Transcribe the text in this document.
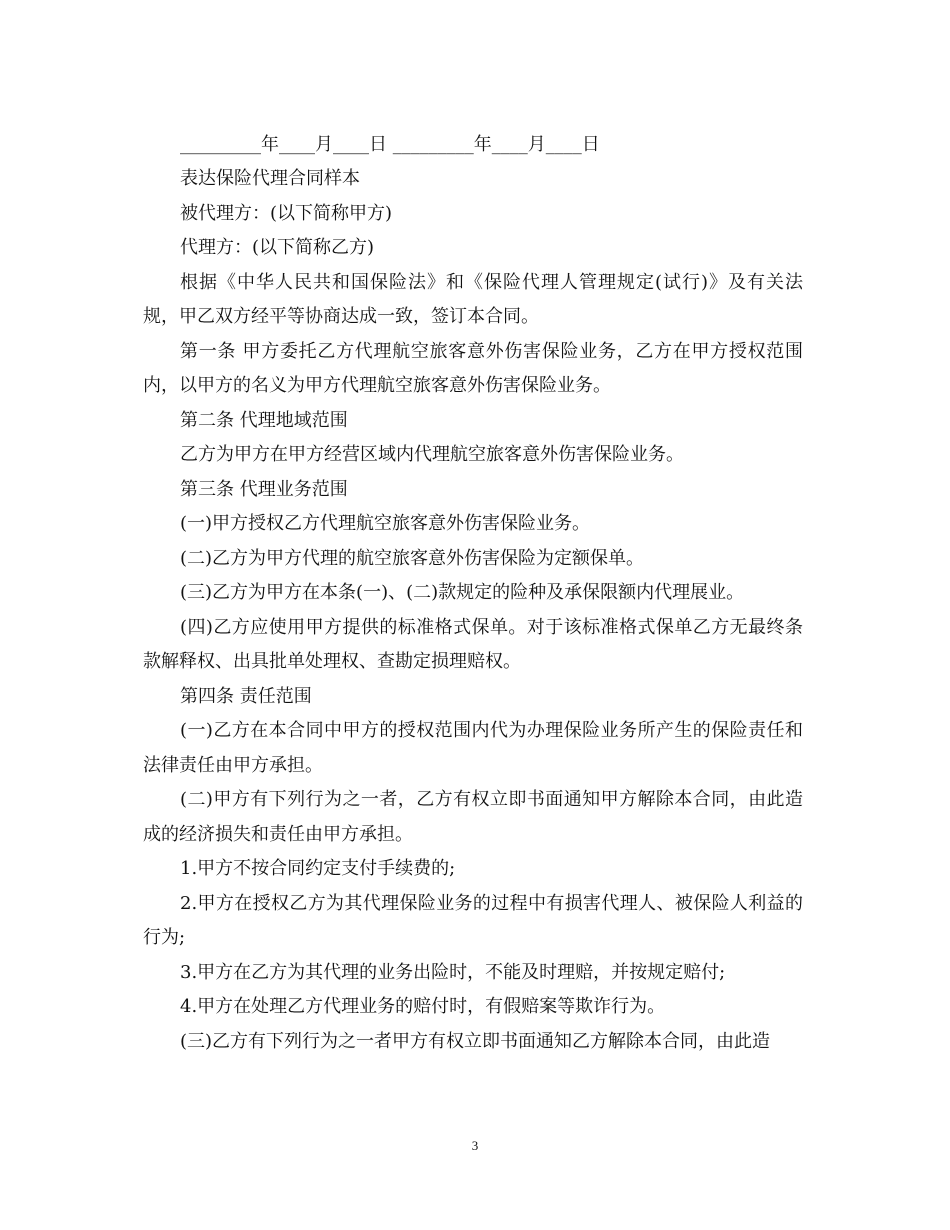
_________年____月____日 _________年____月____日

表达保险代理合同样本

被代理方：(以下简称甲方)

代理方：(以下简称乙方)

根据《中华人民共和国保险法》和《保险代理人管理规定(试行)》及有关法规，甲乙双方经平等协商达成一致，签订本合同。

第一条 甲方委托乙方代理航空旅客意外伤害保险业务，乙方在甲方授权范围内，以甲方的名义为甲方代理航空旅客意外伤害保险业务。

第二条 代理地域范围

乙方为甲方在甲方经营区域内代理航空旅客意外伤害保险业务。

第三条 代理业务范围

(一)甲方授权乙方代理航空旅客意外伤害保险业务。

(二)乙方为甲方代理的航空旅客意外伤害保险为定额保单。

(三)乙方为甲方在本条(一)、(二)款规定的险种及承保限额内代理展业。

(四)乙方应使用甲方提供的标准格式保单。对于该标准格式保单乙方无最终条款解释权、出具批单处理权、查勘定损理赔权。

第四条 责任范围

(一)乙方在本合同中甲方的授权范围内代为办理保险业务所产生的保险责任和法律责任由甲方承担。

(二)甲方有下列行为之一者，乙方有权立即书面通知甲方解除本合同，由此造成的经济损失和责任由甲方承担。

1.甲方不按合同约定支付手续费的;

2.甲方在授权乙方为其代理保险业务的过程中有损害代理人、被保险人利益的行为;

3.甲方在乙方为其代理的业务出险时，不能及时理赔，并按规定赔付;

4.甲方在处理乙方代理业务的赔付时，有假赔案等欺诈行为。

(三)乙方有下列行为之一者甲方有权立即书面通知乙方解除本合同，由此造

3
